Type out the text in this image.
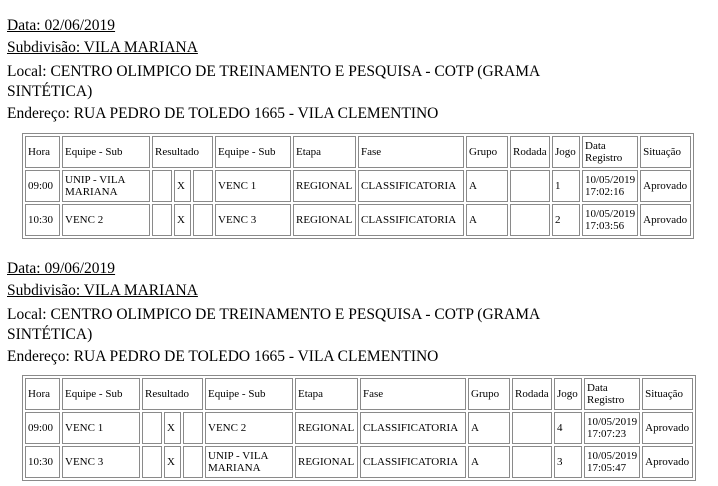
Data: 02/06/2019

Subdivisão: VILA MARIANA

Local: CENTRO OLIMPICO DE TREINAMENTO E PESQUISA - COTP (GRAMA
SINTÉTICA)

Endereço: RUA PEDRO DE TOLEDO 1665 - VILA CLEMENTINO

Hora	Equipe - Sub	Resultado			Equipe - Sub	Etapa	Fase	Grupo	Rodada	Jogo	Data Registro	Situação
09:00	UNIP - VILA MARIANA		X		VENC 1	REGIONAL	CLASSIFICATORIA	A		1	10/05/2019 17:02:16	Aprovado
10:30	VENC 2		X		VENC 3	REGIONAL	CLASSIFICATORIA	A		2	10/05/2019 17:03:56	Aprovado

Data: 09/06/2019

Subdivisão: VILA MARIANA

Local: CENTRO OLIMPICO DE TREINAMENTO E PESQUISA - COTP (GRAMA
SINTÉTICA)

Endereço: RUA PEDRO DE TOLEDO 1665 - VILA CLEMENTINO

Hora	Equipe - Sub	Resultado			Equipe - Sub	Etapa	Fase	Grupo	Rodada	Jogo	Data Registro	Situação
09:00	VENC 1		X		VENC 2	REGIONAL	CLASSIFICATORIA	A		4	10/05/2019 17:07:23	Aprovado
10:30	VENC 3		X		UNIP - VILA MARIANA	REGIONAL	CLASSIFICATORIA	A		3	10/05/2019 17:05:47	Aprovado
